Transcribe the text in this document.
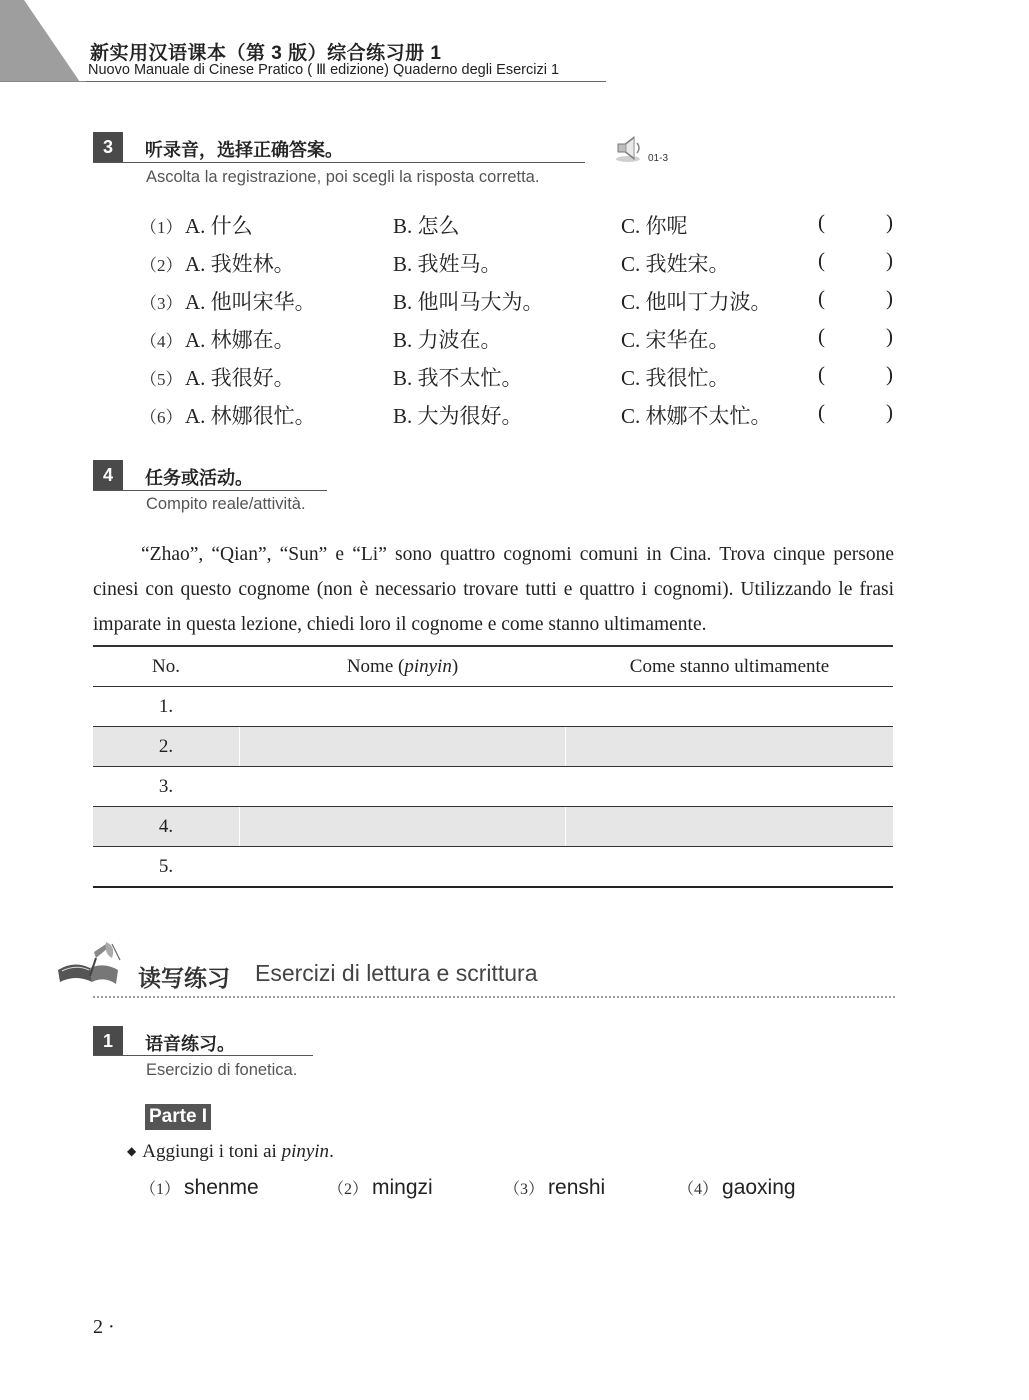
新实用汉语课本（第 3 版）综合练习册 1
Nuovo Manuale di Cinese Pratico ( Ⅲ edizione) Quaderno degli Esercizi 1
3	听录音，选择正确答案。
Ascolta la registrazione, poi scegli la risposta corretta.
01-3
（1） A. 什么	B. 怎么	C. 你呢	(	)
（2） A. 我姓林。	B. 我姓马。	C. 我姓宋。	(	)
（3） A. 他叫宋华。	B. 他叫马大为。	C. 他叫丁力波。 (	)
（4） A. 林娜在。	B. 力波在。	C. 宋华在。	(	)
（5） A. 我很好。	B. 我不太忙。	C. 我很忙。	(	)
（6） A. 林娜很忙。	B. 大为很好。	C. 林娜不太忙。 (	)
4	任务或活动。
Compito reale/attività.
“Zhao”, “Qian”, “Sun” e “Li” sono quattro cognomi comuni in Cina. Trova cinque persone cinesi con questo cognome (non è necessario trovare tutti e quattro i cognomi). Utilizzando le frasi imparate in questa lezione, chiedi loro il cognome e come stanno ultimamente.
No.	Nome (pinyin)	Come stanno ultimamente
1.		
2.		
3.		
4.		
5.		
读写练习 Esercizi di lettura e scrittura
1	语音练习。
Esercizio di fonetica.
Parte I
◆ Aggiungi i toni ai pinyin.
（1） shenme	（2） mingzi	（3） renshi	（4） gaoxing
2 ·
